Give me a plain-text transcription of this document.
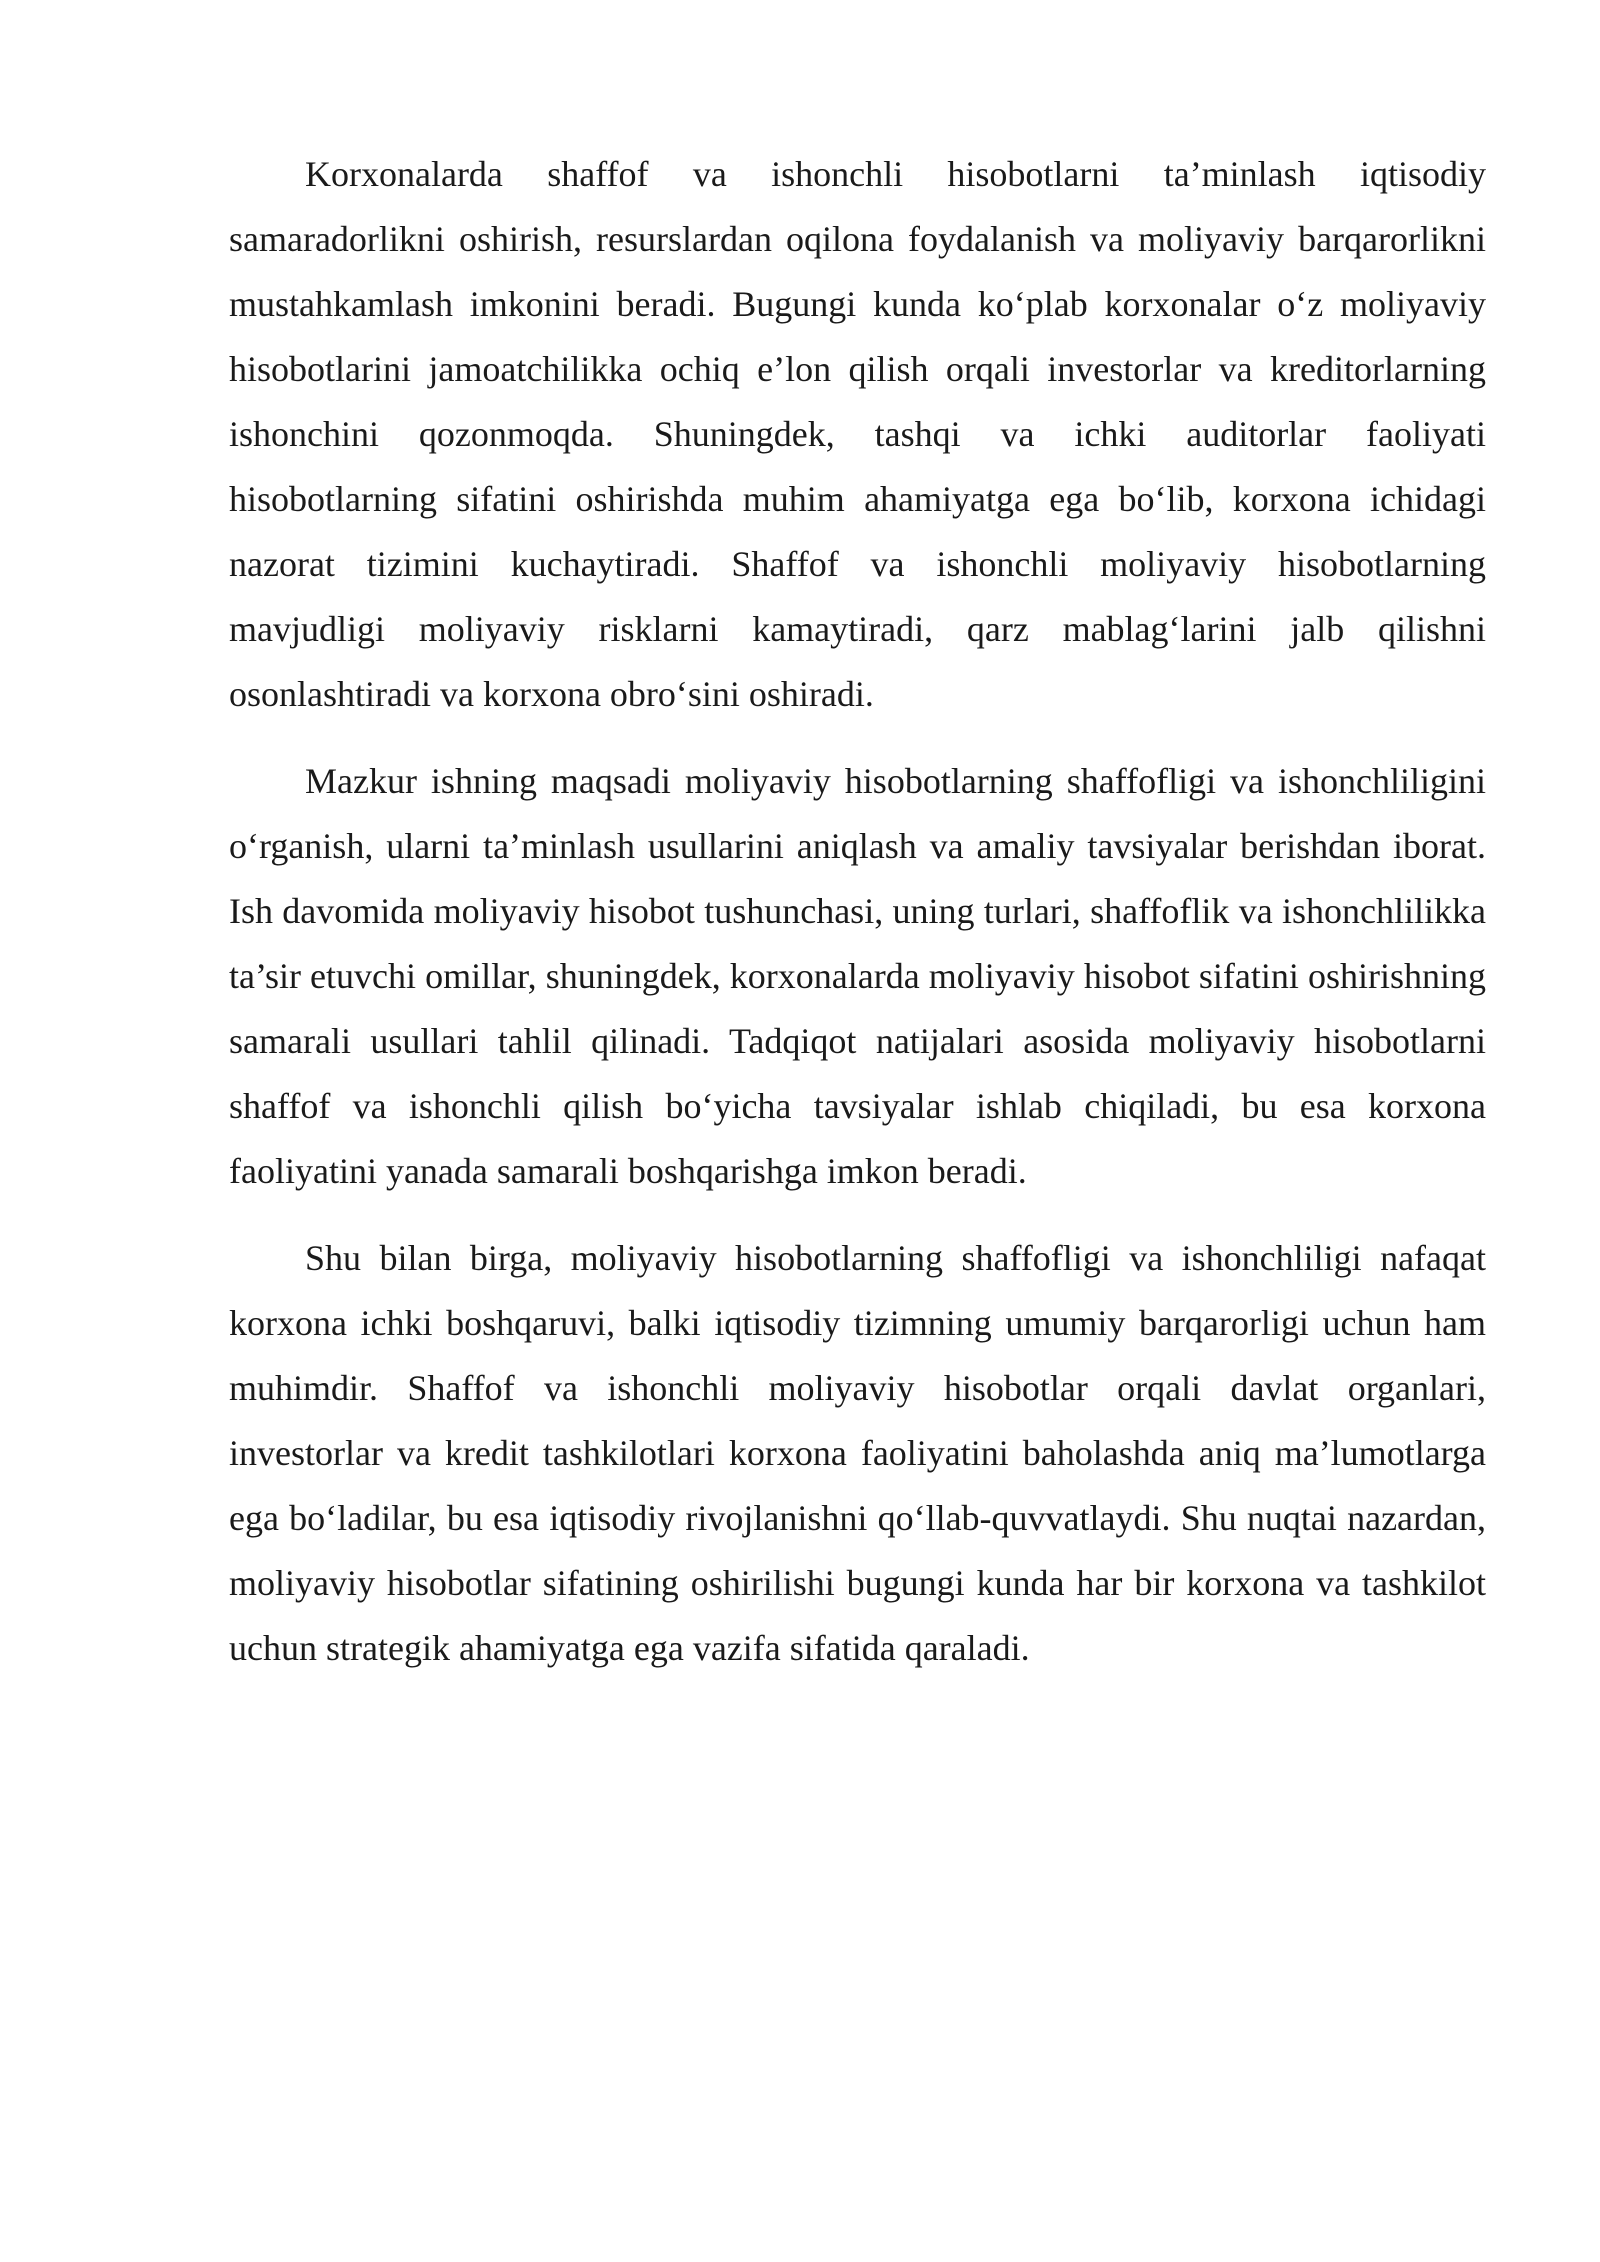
Korxonalarda shaffof va ishonchli hisobotlarni ta’minlash iqtisodiy samaradorlikni oshirish, resurslardan oqilona foydalanish va moliyaviy barqarorlikni mustahkamlash imkonini beradi. Bugungi kunda ko‘plab korxonalar o‘z moliyaviy hisobotlarini jamoatchilikka ochiq e’lon qilish orqali investorlar va kreditorlarning ishonchini qozonmoqda. Shuningdek, tashqi va ichki auditorlar faoliyati hisobotlarning sifatini oshirishda muhim ahamiyatga ega bo‘lib, korxona ichidagi nazorat tizimini kuchaytiradi. Shaffof va ishonchli moliyaviy hisobotlarning mavjudligi moliyaviy risklarni kamaytiradi, qarz mablag‘larini jalb qilishni osonlashtiradi va korxona obro‘sini oshiradi.

Mazkur ishning maqsadi moliyaviy hisobotlarning shaffofligi va ishonchliligini o‘rganish, ularni ta’minlash usullarini aniqlash va amaliy tavsiyalar berishdan iborat. Ish davomida moliyaviy hisobot tushunchasi, uning turlari, shaffoflik va ishonchlilikka ta’sir etuvchi omillar, shuningdek, korxonalarda moliyaviy hisobot sifatini oshirishning samarali usullari tahlil qilinadi. Tadqiqot natijalari asosida moliyaviy hisobotlarni shaffof va ishonchli qilish bo‘yicha tavsiyalar ishlab chiqiladi, bu esa korxona faoliyatini yanada samarali boshqarishga imkon beradi.

Shu bilan birga, moliyaviy hisobotlarning shaffofligi va ishonchliligi nafaqat korxona ichki boshqaruvi, balki iqtisodiy tizimning umumiy barqarorligi uchun ham muhimdir. Shaffof va ishonchli moliyaviy hisobotlar orqali davlat organlari, investorlar va kredit tashkilotlari korxona faoliyatini baholashda aniq ma’lumotlarga ega bo‘ladilar, bu esa iqtisodiy rivojlanishni qo‘llab-quvvatlaydi. Shu nuqtai nazardan, moliyaviy hisobotlar sifatining oshirilishi bugungi kunda har bir korxona va tashkilot uchun strategik ahamiyatga ega vazifa sifatida qaraladi.
